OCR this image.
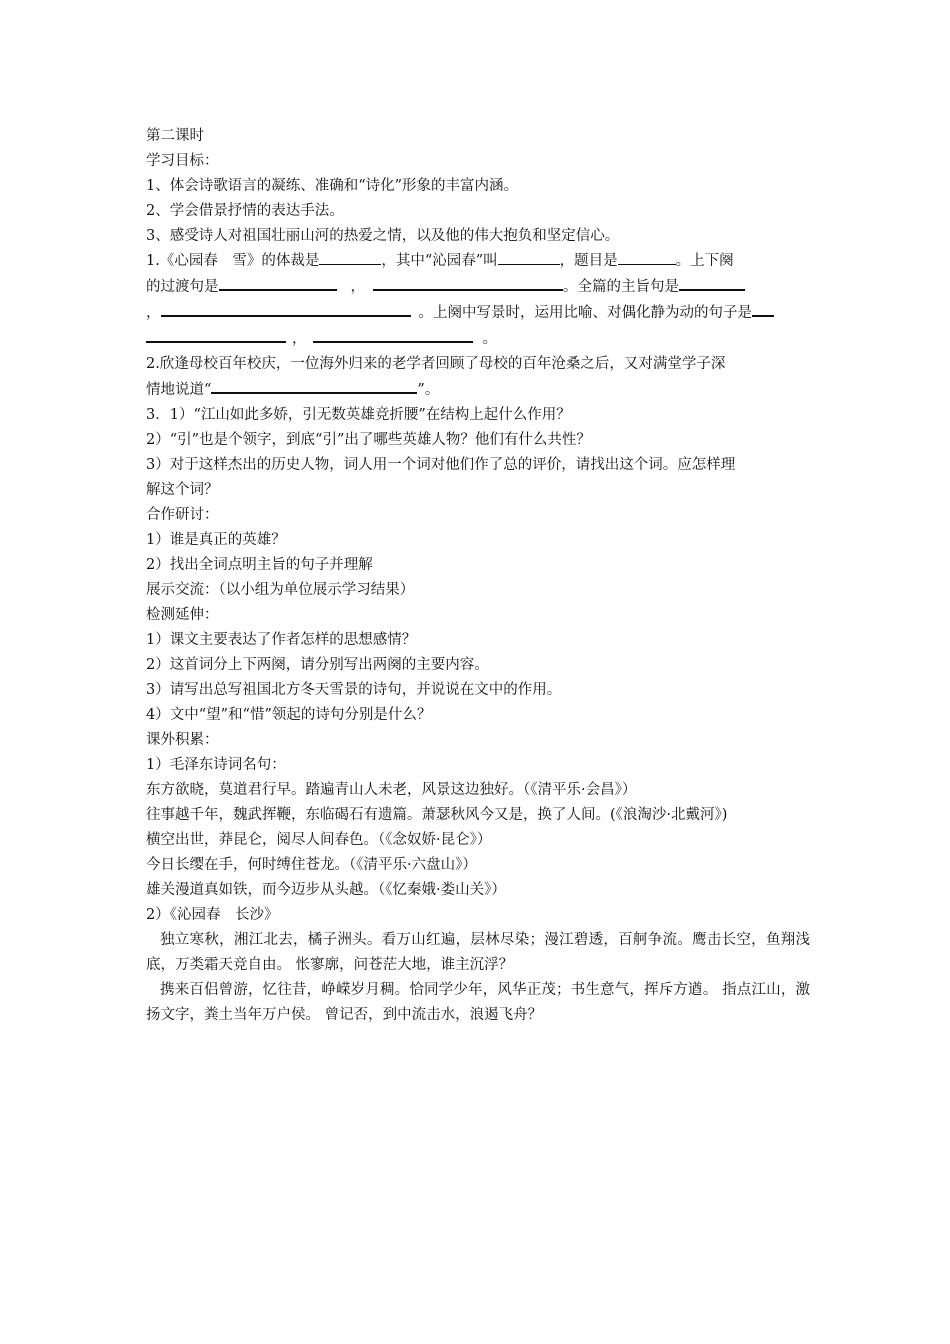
第二课时

学习目标：

1、体会诗歌语言的凝练、准确和“诗化”形象的丰富内涵。

2、学会借景抒情的表达手法。

3、感受诗人对祖国壮丽山河的热爱之情，以及他的伟大抱负和坚定信心。

1.《心园春　雪》的体裁是	，其中“沁园春”叫	，题目是	。上下阕

的过渡句是	，	。全篇的主旨句是

，	。上阕中写景时，运用比喻、对偶化静为动的句子是

，	。

2.欣逢母校百年校庆，一位海外归来的老学者回顾了母校的百年沧桑之后，又对满堂学子深

情地说道“	”。

3．1）“江山如此多娇，引无数英雄竞折腰”在结构上起什么作用？

2）“引”也是个领字，到底“引”出了哪些英雄人物？他们有什么共性？

3）对于这样杰出的历史人物，词人用一个词对他们作了总的评价，请找出这个词。应怎样理

解这个词？

合作研讨：

1）谁是真正的英雄？

2）找出全词点明主旨的句子并理解

展示交流：（以小组为单位展示学习结果）

检测延伸：

1）课文主要表达了作者怎样的思想感情？

2）这首词分上下两阕，请分别写出两阕的主要内容。

3）请写出总写祖国北方冬天雪景的诗句，并说说在文中的作用。

4）文中“望”和“惜”领起的诗句分别是什么？

课外积累：

1）毛泽东诗词名句：

东方欲晓，莫道君行早。踏遍青山人未老，风景这边独好。（《清平乐·会昌》）

往事越千年，魏武挥鞭，东临碣石有遗篇。萧瑟秋风今又是，换了人间。(《浪淘沙·北戴河》)

横空出世，莽昆仑，阅尽人间春色。（《念奴娇·昆仑》）

今日长缨在手，何时缚住苍龙。（《清平乐·六盘山》）

雄关漫道真如铁，而今迈步从头越。（《忆秦娥·娄山关》）

2）《沁园春　长沙》

独立寒秋，湘江北去，橘子洲头。看万山红遍，层林尽染；漫江碧透，百舸争流。鹰击长空，鱼翔浅底，万类霜天竞自由。 怅寥廓，问苍茫大地，谁主沉浮？

携来百侣曾游，忆往昔，峥嵘岁月稠。恰同学少年，风华正茂；书生意气，挥斥方遒。 指点江山，激扬文字，粪土当年万户侯。 曾记否，到中流击水，浪遏飞舟？
